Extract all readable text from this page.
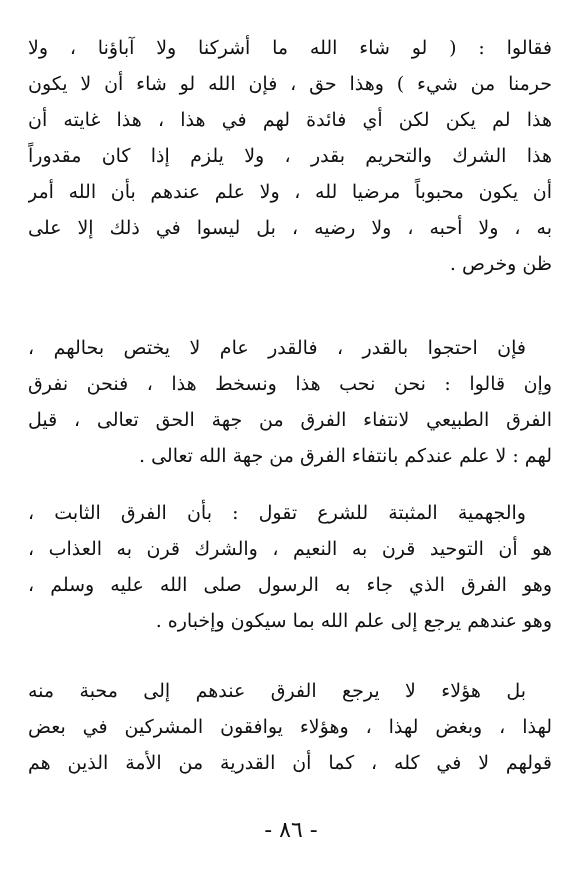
فقالوا : ( لو شاء الله ما أشركنا ولا آباؤنا ، ولا
حرمنا من شيء ) وهذا حق ، فإن الله لو شاء أن لا يكون
هذا لم يكن لكن أي فائدة لهم في هذا ، هذا غايته أن
هذا الشرك والتحريم بقدر ، ولا يلزم إذا كان مقدوراً
أن يكون محبوباً مرضيا لله ، ولا علم عندهم بأن الله أمر
به ، ولا أحبه ، ولا رضيه ، بل ليسوا في ذلك إلا على
ظن وخرص .
فإن احتجوا بالقدر ، فالقدر عام لا يختص بحالهم ،
وإن قالوا : نحن نحب هذا ونسخط هذا ، فنحن نفرق
الفرق الطبيعي لانتفاء الفرق من جهة الحق تعالى ، قيل
لهم : لا علم عندكم بانتفاء الفرق من جهة الله تعالى .
والجهمية المثبتة للشرع تقول : بأن الفرق الثابت ،
هو أن التوحيد قرن به النعيم ، والشرك قرن به العذاب ،
وهو الفرق الذي جاء به الرسول صلى الله عليه وسلم ،
وهو عندهم يرجع إلى علم الله بما سيكون وإخباره .
بل هؤلاء لا يرجع الفرق عندهم إلى محبة منه
لهذا ، وبغض لهذا ، وهؤلاء يوافقون المشركين في بعض
قولهم لا في كله ، كما أن القدرية من الأمة الذين هم
- ٨٦ -
